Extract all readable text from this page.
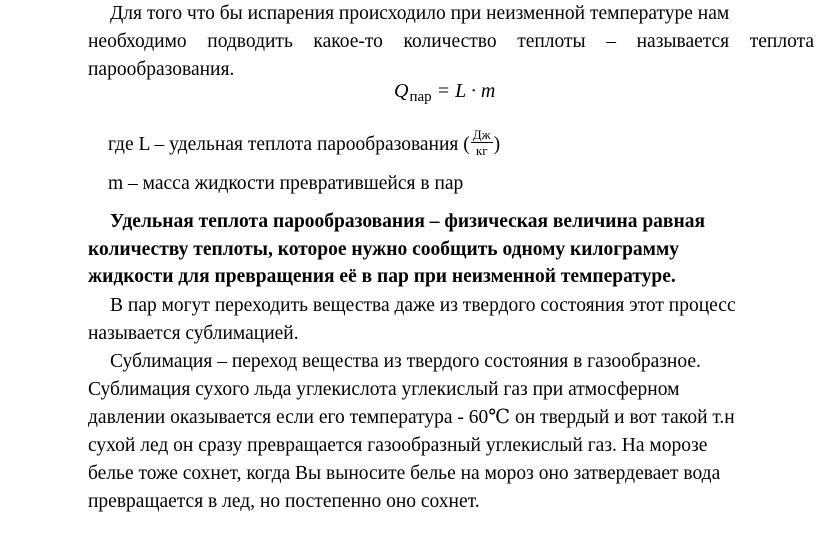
Для того что бы испарения происходило при неизменной температуре нам
необходимо подводить какое-то количество теплоты – называется теплота
парообразования.
$Q_{пар} = L \cdot m$
где L – удельная теплота парообразования ( $\frac{Дж}{кг}$ )
m – масса жидкости превратившейся в пар
Удельная теплота парообразования – физическая величина равная
количеству теплоты, которое нужно сообщить одному килограмму
жидкости для превращения её в пар при неизменной температуре.
В пар могут переходить вещества даже из твердого состояния этот процесс
называется сублимацией.
Сублимация – переход вещества из твердого состояния в газообразное.
Сублимация сухого льда углекислота углекислый газ при атмосферном
давлении оказывается если его температура - 60℃ он твердый и вот такой т.н
сухой лед он сразу превращается газообразный углекислый газ. На морозе
белье тоже сохнет, когда Вы выносите белье на мороз оно затвердевает вода
превращается в лед, но постепенно оно сохнет.
